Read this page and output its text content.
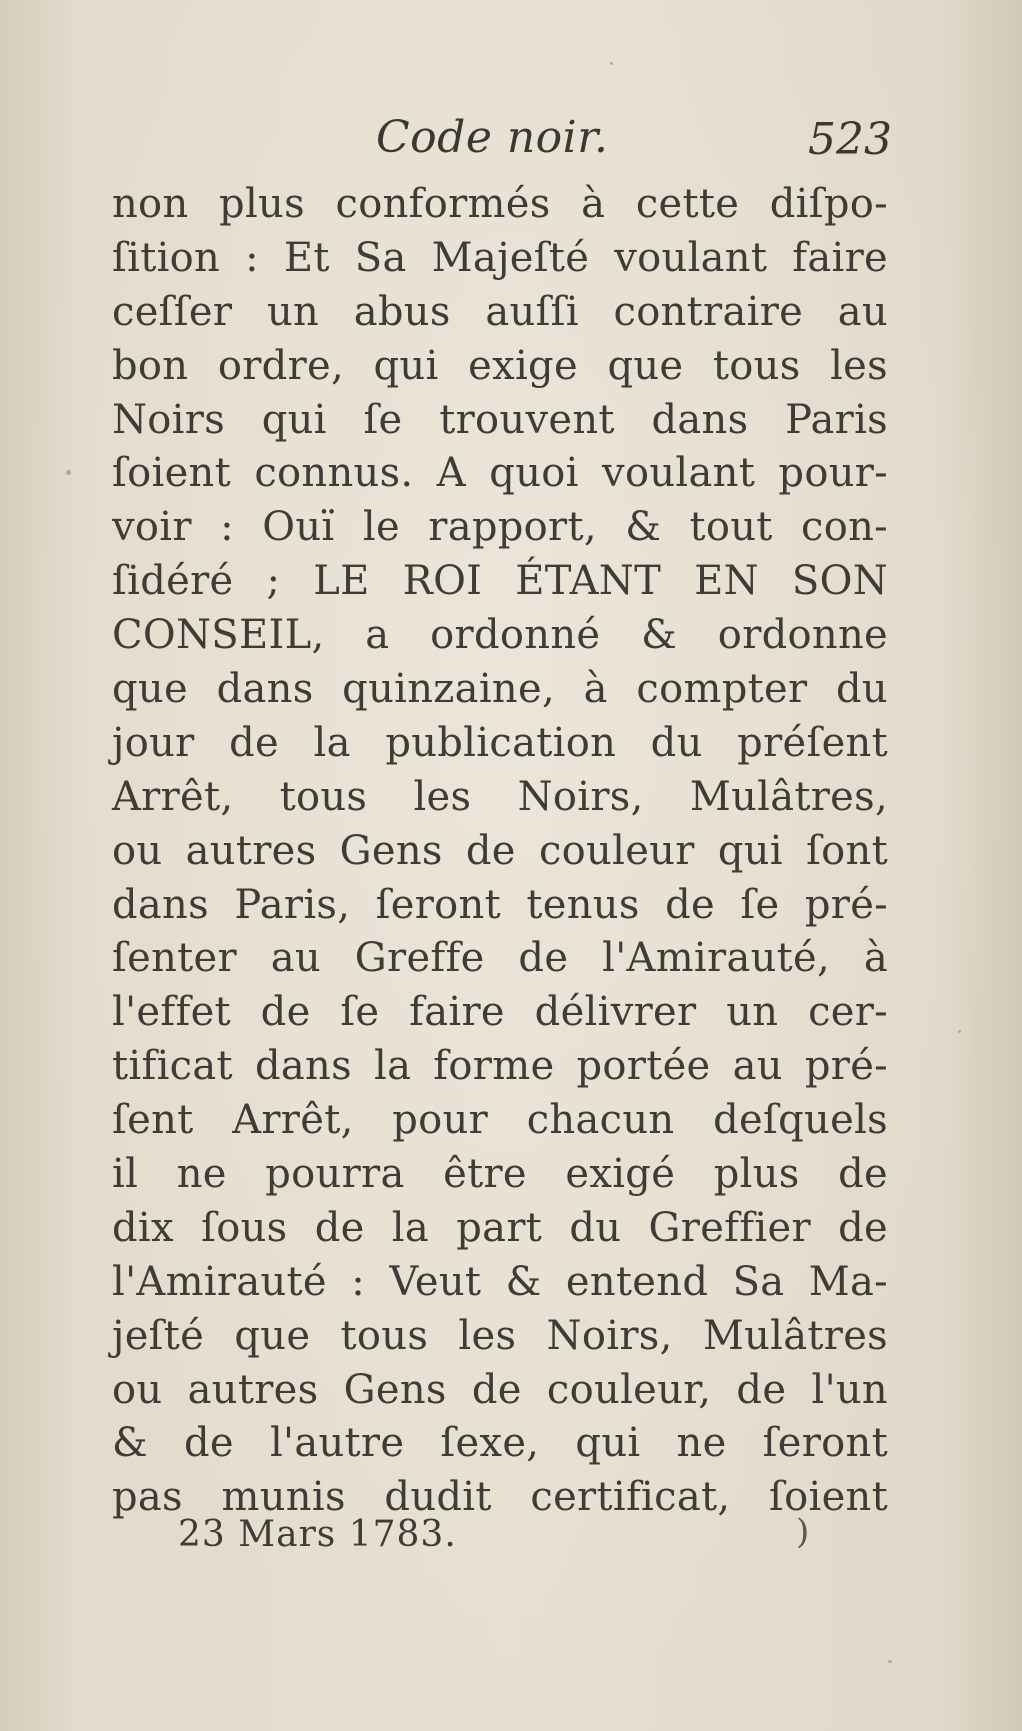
Code noir.	523
non plus conformés à cette diſpo-
ſition : Et Sa Majeſté voulant faire
ceſſer un abus auſſi contraire au
bon ordre, qui exige que tous les
Noirs qui ſe trouvent dans Paris
ſoient connus. A quoi voulant pour-
voir : Ouï le rapport, & tout con-
ſidéré ; LE ROI ÉTANT EN SON
CONSEIL, a ordonné & ordonne
que dans quinzaine, à compter du
jour de la publication du préſent
Arrêt, tous les Noirs, Mulâtres,
ou autres Gens de couleur qui ſont
dans Paris, ſeront tenus de ſe pré-
ſenter au Greffe de l'Amirauté, à
l'effet de ſe faire délivrer un cer-
tificat dans la forme portée au pré-
ſent Arrêt, pour chacun deſquels
il ne pourra être exigé plus de
dix ſous de la part du Greffier de
l'Amirauté : Veut & entend Sa Ma-
jeſté que tous les Noirs, Mulâtres
ou autres Gens de couleur, de l'un
& de l'autre ſexe, qui ne ſeront
pas munis dudit certificat, ſoient
23 Mars 1783.	)
